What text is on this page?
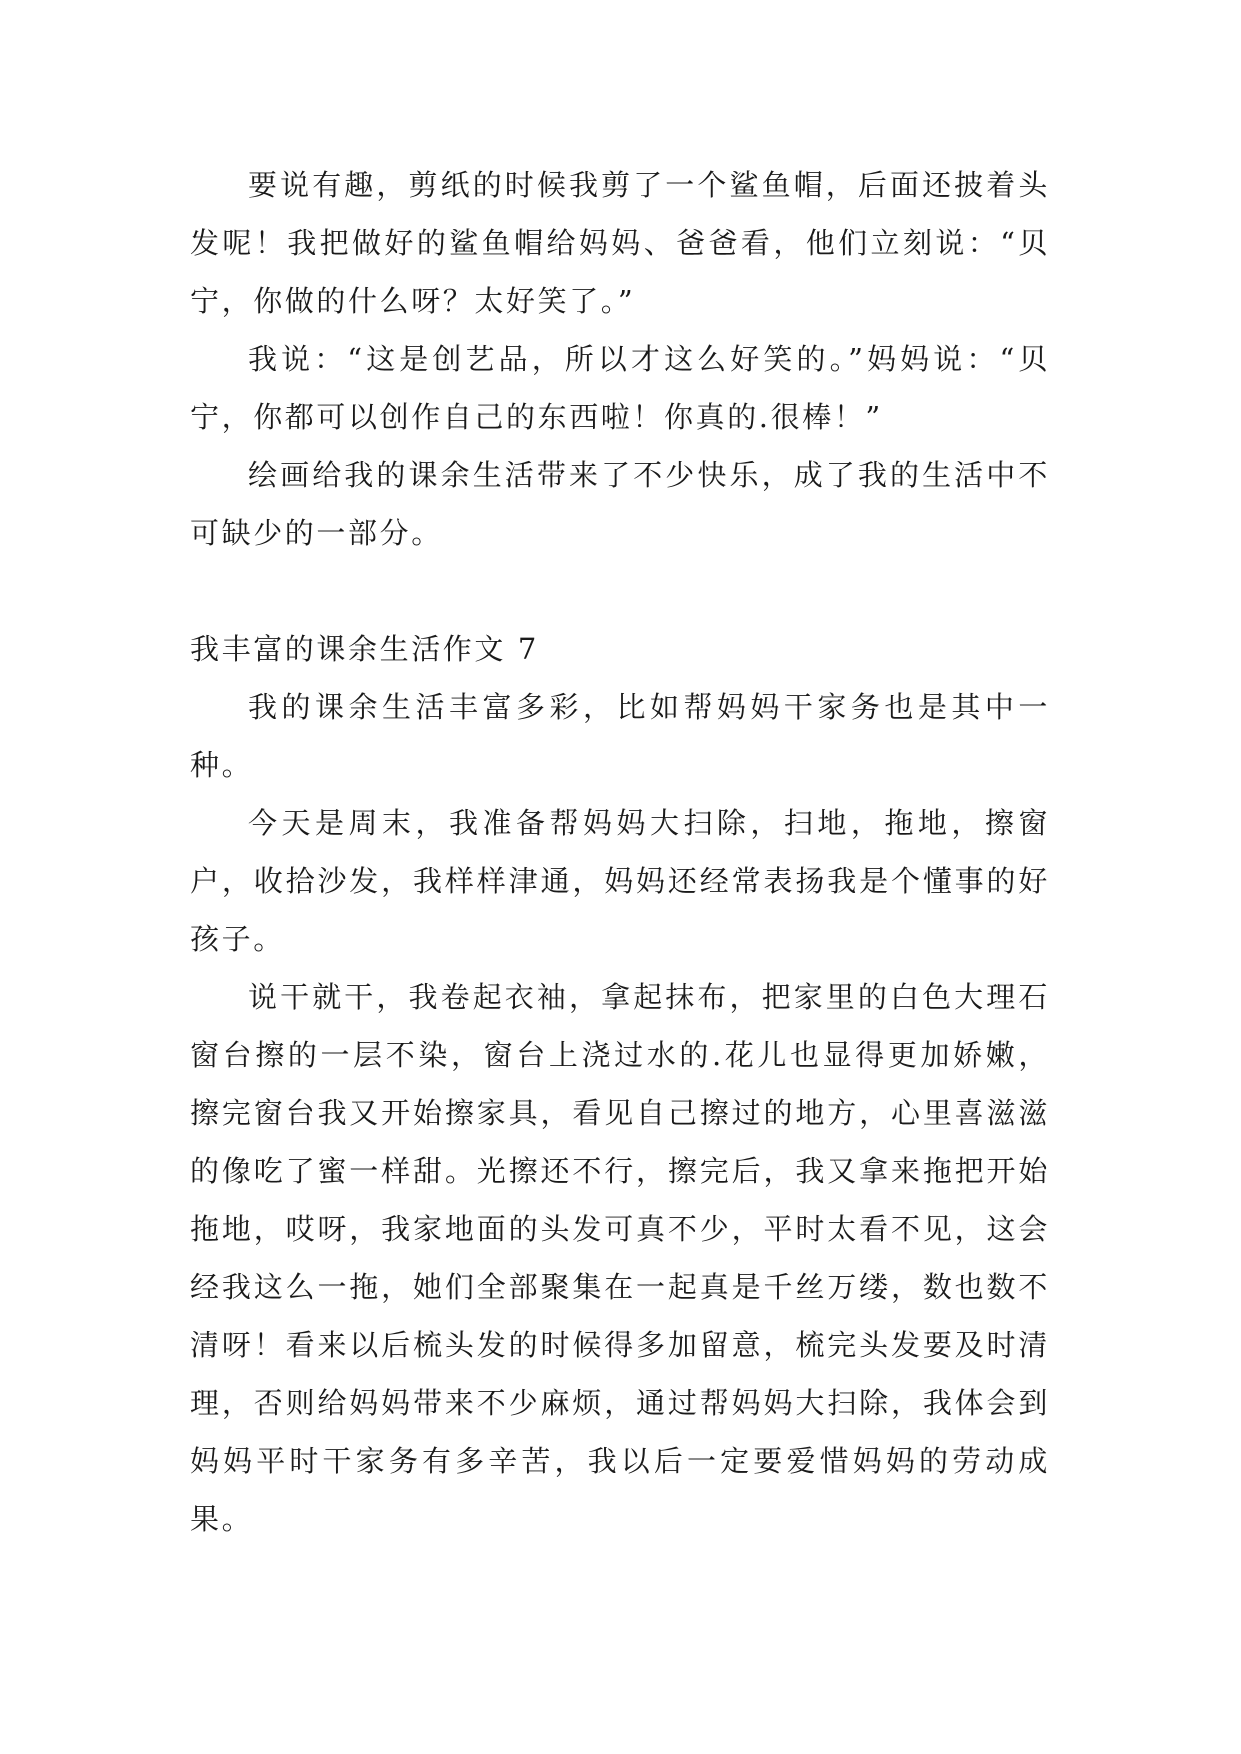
要说有趣，剪纸的时候我剪了一个鲨鱼帽，后面还披着头发呢！我把做好的鲨鱼帽给妈妈、爸爸看，他们立刻说：“贝宁，你做的什么呀？太好笑了。”

我说：“这是创艺品，所以才这么好笑的。”妈妈说：“贝宁，你都可以创作自己的东西啦！你真的.很棒！”

绘画给我的课余生活带来了不少快乐，成了我的生活中不可缺少的一部分。

我丰富的课余生活作文 7

我的课余生活丰富多彩，比如帮妈妈干家务也是其中一种。

今天是周末，我准备帮妈妈大扫除，扫地，拖地，擦窗户，收拾沙发，我样样津通，妈妈还经常表扬我是个懂事的好孩子。

说干就干，我卷起衣袖，拿起抹布，把家里的白色大理石窗台擦的一层不染，窗台上浇过水的.花儿也显得更加娇嫩，擦完窗台我又开始擦家具，看见自己擦过的地方，心里喜滋滋的像吃了蜜一样甜。光擦还不行，擦完后，我又拿来拖把开始拖地，哎呀，我家地面的头发可真不少，平时太看不见，这会经我这么一拖，她们全部聚集在一起真是千丝万缕，数也数不清呀！看来以后梳头发的时候得多加留意，梳完头发要及时清理，否则给妈妈带来不少麻烦，通过帮妈妈大扫除，我体会到妈妈平时干家务有多辛苦，我以后一定要爱惜妈妈的劳动成果。
